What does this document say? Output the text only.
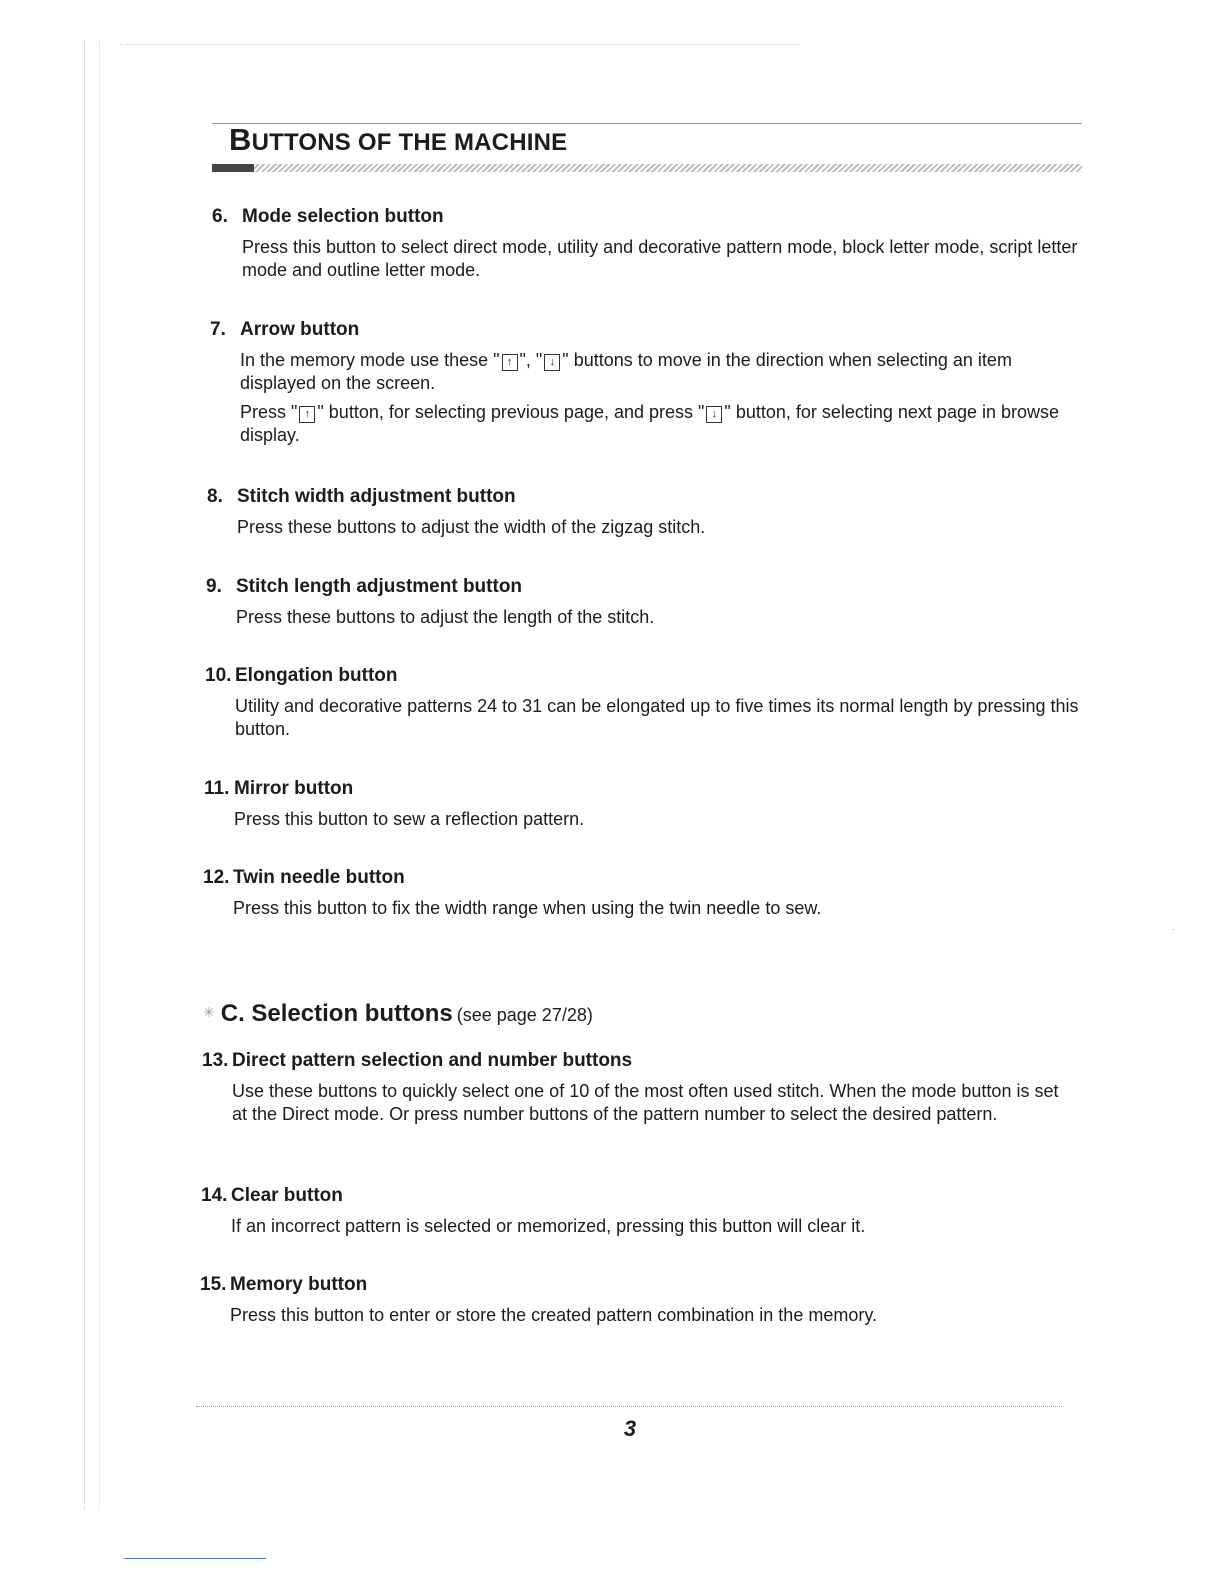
·
BUTTONS OF THE MACHINE
6. Mode selection button

Press this button to select direct mode, utility and decorative pattern mode, block letter mode, script letter mode and outline letter mode.

7. Arrow button

In the memory mode use these " ↑ ", " ↓ " buttons to move in the direction when selecting an item displayed on the screen.

Press " ↑ " button, for selecting previous page, and press " ↓ " button, for selecting next page in browse display.

8. Stitch width adjustment button

Press these buttons to adjust the width of the zigzag stitch.

9. Stitch length adjustment button

Press these buttons to adjust the length of the stitch.

10. Elongation button

Utility and decorative patterns 24 to 31 can be elongated up to five times its normal length by pressing this button.

11. Mirror button

Press this button to sew a reflection pattern.

12. Twin needle button

Press this button to fix the width range when using the twin needle to sew.

✳ C. Selection buttons (see page 27/28)
13. Direct pattern selection and number buttons

Use these buttons to quickly select one of 10 of the most often used stitch. When the mode button is set at the Direct mode. Or press number buttons of the pattern number to select the desired pattern.

14. Clear button

If an incorrect pattern is selected or memorized, pressing this button will clear it.

15. Memory button

Press this button to enter or store the created pattern combination in the memory.

3
